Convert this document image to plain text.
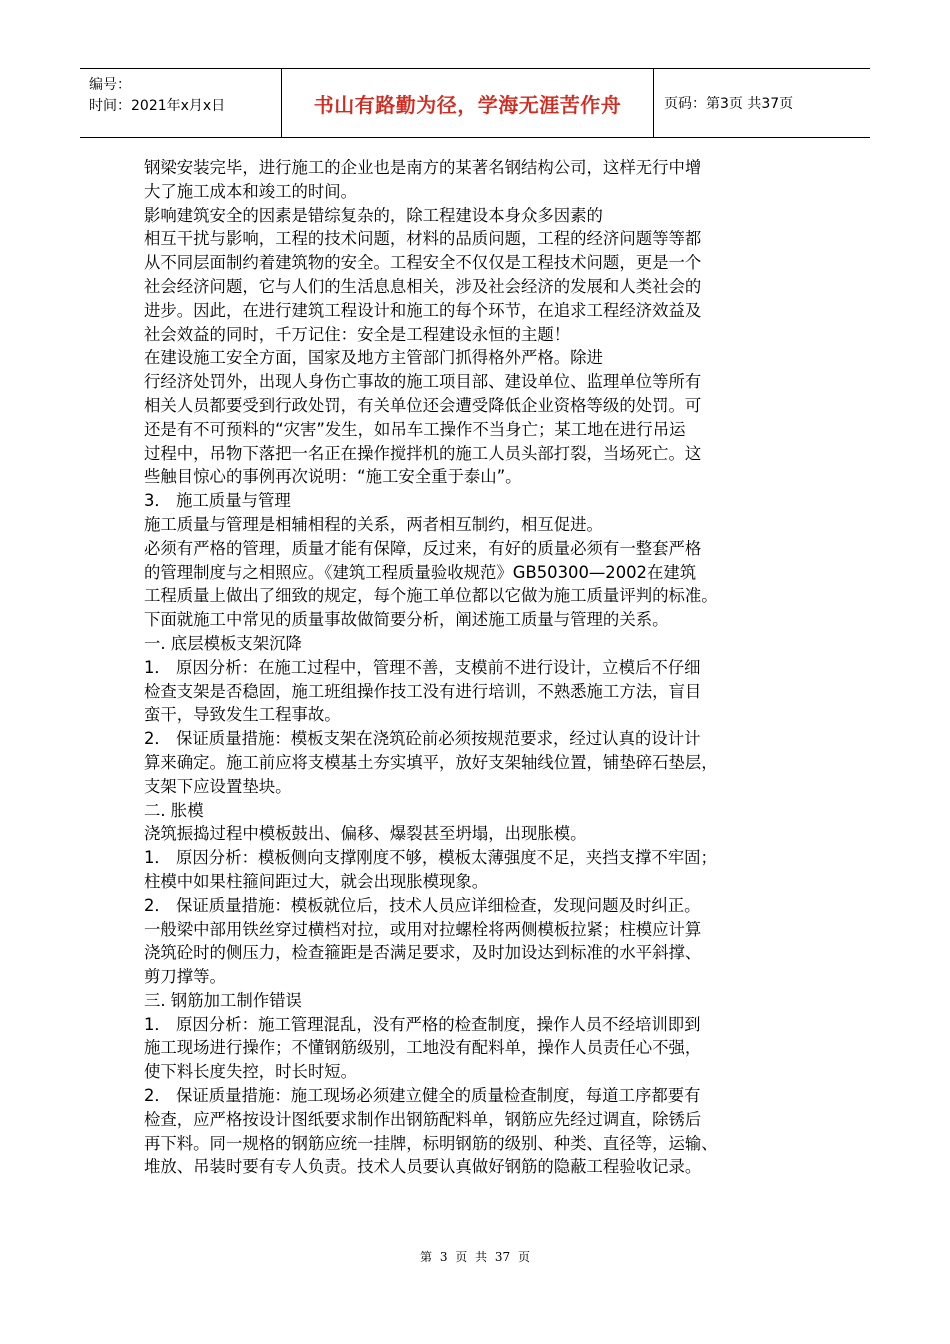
编号：
时间：2021年x月x日	书山有路勤为径，学海无涯苦作舟	页码：第3页 共37页

钢梁安装完毕，进行施工的企业也是南方的某著名钢结构公司，这样无行中增

大了施工成本和竣工的时间。

影响建筑安全的因素是错综复杂的，除工程建设本身众多因素的

相互干扰与影响，工程的技术问题，材料的品质问题，工程的经济问题等等都

从不同层面制约着建筑物的安全。工程安全不仅仅是工程技术问题，更是一个

社会经济问题，它与人们的生活息息相关，涉及社会经济的发展和人类社会的

进步。因此，在进行建筑工程设计和施工的每个环节，在追求工程经济效益及

社会效益的同时，千万记住：安全是工程建设永恒的主题！

在建设施工安全方面，国家及地方主管部门抓得格外严格。除进

行经济处罚外，出现人身伤亡事故的施工项目部、建设单位、监理单位等所有

相关人员都要受到行政处罚，有关单位还会遭受降低企业资格等级的处罚。可

还是有不可预料的“灾害”发生，如吊车工操作不当身亡；某工地在进行吊运

过程中，吊物下落把一名正在操作搅拌机的施工人员头部打裂，当场死亡。这

些触目惊心的事例再次说明：“施工安全重于泰山”。

3． 施工质量与管理

施工质量与管理是相辅相程的关系，两者相互制约，相互促进。

必须有严格的管理，质量才能有保障，反过来，有好的质量必须有一整套严格

的管理制度与之相照应。《建筑工程质量验收规范》GB50300—2002在建筑

工程质量上做出了细致的规定，每个施工单位都以它做为施工质量评判的标准。

下面就施工中常见的质量事故做简要分析，阐述施工质量与管理的关系。

一. 底层模板支架沉降

1． 原因分析：在施工过程中，管理不善，支模前不进行设计，立模后不仔细

检查支架是否稳固，施工班组操作技工没有进行培训，不熟悉施工方法，盲目

蛮干，导致发生工程事故。

2． 保证质量措施：模板支架在浇筑砼前必须按规范要求，经过认真的设计计

算来确定。施工前应将支模基土夯实填平，放好支架轴线位置，铺垫碎石垫层，

支架下应设置垫块。

二. 胀模

浇筑振捣过程中模板鼓出、偏移、爆裂甚至坍塌，出现胀模。

1． 原因分析：模板侧向支撑刚度不够，模板太薄强度不足，夹挡支撑不牢固；

柱模中如果柱箍间距过大，就会出现胀模现象。

2． 保证质量措施：模板就位后，技术人员应详细检查，发现问题及时纠正。

一般梁中部用铁丝穿过横档对拉，或用对拉螺栓将两侧模板拉紧；柱模应计算

浇筑砼时的侧压力，检查箍距是否满足要求，及时加设达到标准的水平斜撑、

剪刀撑等。

三. 钢筋加工制作错误

1． 原因分析：施工管理混乱，没有严格的检查制度，操作人员不经培训即到

施工现场进行操作；不懂钢筋级别，工地没有配料单，操作人员责任心不强，

使下料长度失控，时长时短。

2． 保证质量措施：施工现场必须建立健全的质量检查制度，每道工序都要有

检查，应严格按设计图纸要求制作出钢筋配料单，钢筋应先经过调直，除锈后

再下料。同一规格的钢筋应统一挂牌，标明钢筋的级别、种类、直径等，运输、

堆放、吊装时要有专人负责。技术人员要认真做好钢筋的隐蔽工程验收记录。

第 3 页 共 37 页
